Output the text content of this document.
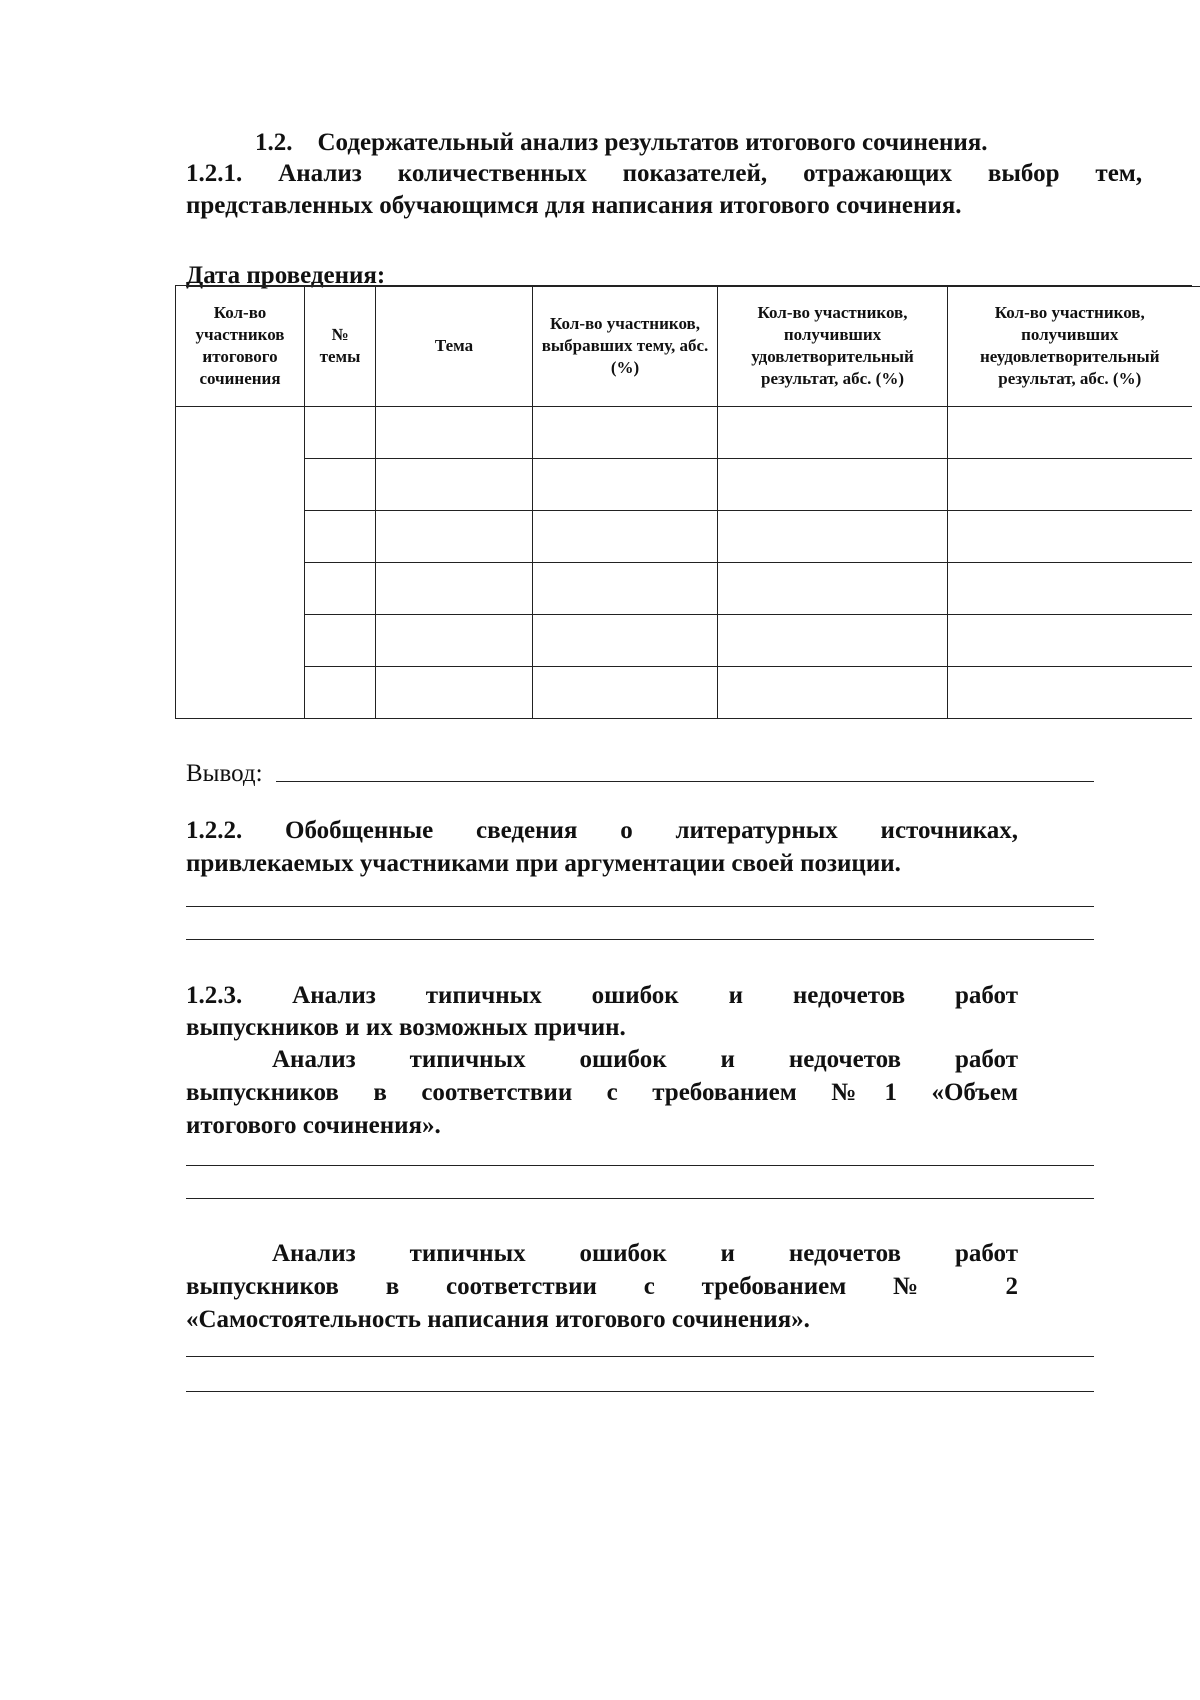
1.2. Содержательный анализ результатов итогового сочинения.
1.2.1. Анализ количественных показателей, отражающих выбор тем,
представленных обучающимся для написания итогового сочинения.
Дата проведения:
Кол-во участников итогового сочинения	№ темы	Тема	Кол-во участников, выбравших тему, абс. (%)	Кол-во участников, получивших удовлетворительный результат, абс. (%)	Кол-во участников, получивших неудовлетворительный результат, абс. (%)

Вывод:
1.2.2. Обобщенные сведения о литературных источниках,
привлекаемых участниками при аргументации своей позиции.
1.2.3. Анализ типичных ошибок и недочетов работ
выпускников и их возможных причин.
Анализ типичных ошибок и недочетов работ
выпускников в соответствии с требованием №1 «Объем
итогового сочинения».
Анализ типичных ошибок и недочетов работ
выпускников в соответствии с требованием № 2
«Самостоятельность написания итогового сочинения».
